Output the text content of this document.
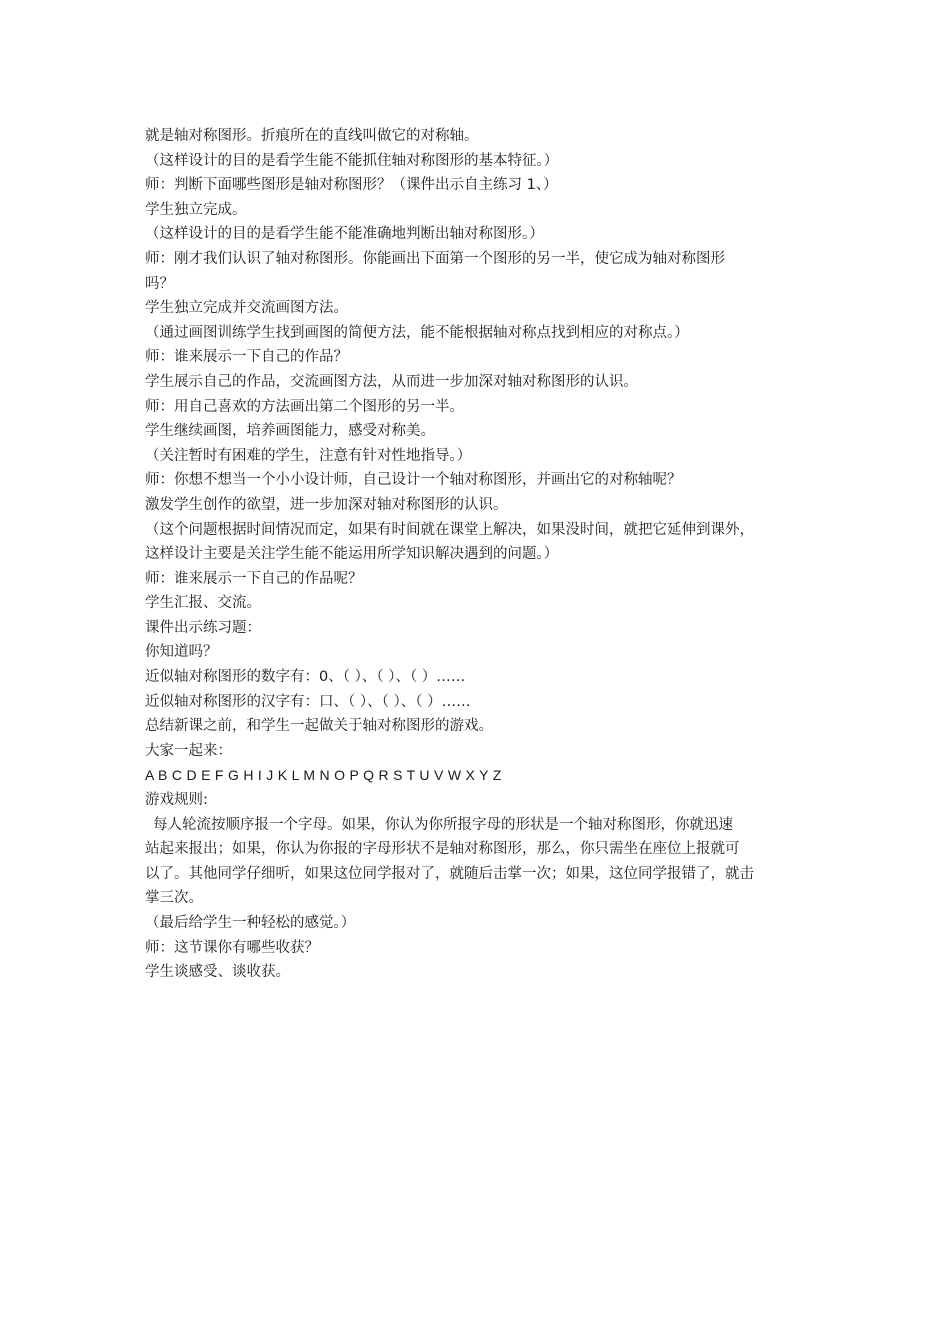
就是轴对称图形。折痕所在的直线叫做它的对称轴。
（这样设计的目的是看学生能不能抓住轴对称图形的基本特征。）
师：判断下面哪些图形是轴对称图形？（课件出示自主练习 1、）
学生独立完成。
（这样设计的目的是看学生能不能准确地判断出轴对称图形。）
师：刚才我们认识了轴对称图形。你能画出下面第一个图形的另一半，使它成为轴对称图形
吗？
学生独立完成并交流画图方法。
（通过画图训练学生找到画图的简便方法，能不能根据轴对称点找到相应的对称点。）
师：谁来展示一下自己的作品？
学生展示自己的作品，交流画图方法，从而进一步加深对轴对称图形的认识。
师：用自己喜欢的方法画出第二个图形的另一半。
学生继续画图，培养画图能力，感受对称美。
（关注暂时有困难的学生，注意有针对性地指导。）
师：你想不想当一个小小设计师，自己设计一个轴对称图形，并画出它的对称轴呢？
激发学生创作的欲望，进一步加深对轴对称图形的认识。
（这个问题根据时间情况而定，如果有时间就在课堂上解决，如果没时间，就把它延伸到课外，
这样设计主要是关注学生能不能运用所学知识解决遇到的问题。）
师：谁来展示一下自己的作品呢？
学生汇报、交流。
课件出示练习题：
你知道吗？
近似轴对称图形的数字有：0、（ ）、（ ）、（ ）……
近似轴对称图形的汉字有：口、（ ）、（ ）、（ ）……
总结新课之前，和学生一起做关于轴对称图形的游戏。
大家一起来：
A B C D E F G H I J K L M N O P Q R S T U V W X Y Z
游戏规则:
每人轮流按顺序报一个字母。如果，你认为你所报字母的形状是一个轴对称图形，你就迅速
站起来报出；如果，你认为你报的字母形状不是轴对称图形，那么，你只需坐在座位上报就可
以了。其他同学仔细听，如果这位同学报对了，就随后击掌一次；如果，这位同学报错了，就击
掌三次。
（最后给学生一种轻松的感觉。）
师：这节课你有哪些收获？
学生谈感受、谈收获。
